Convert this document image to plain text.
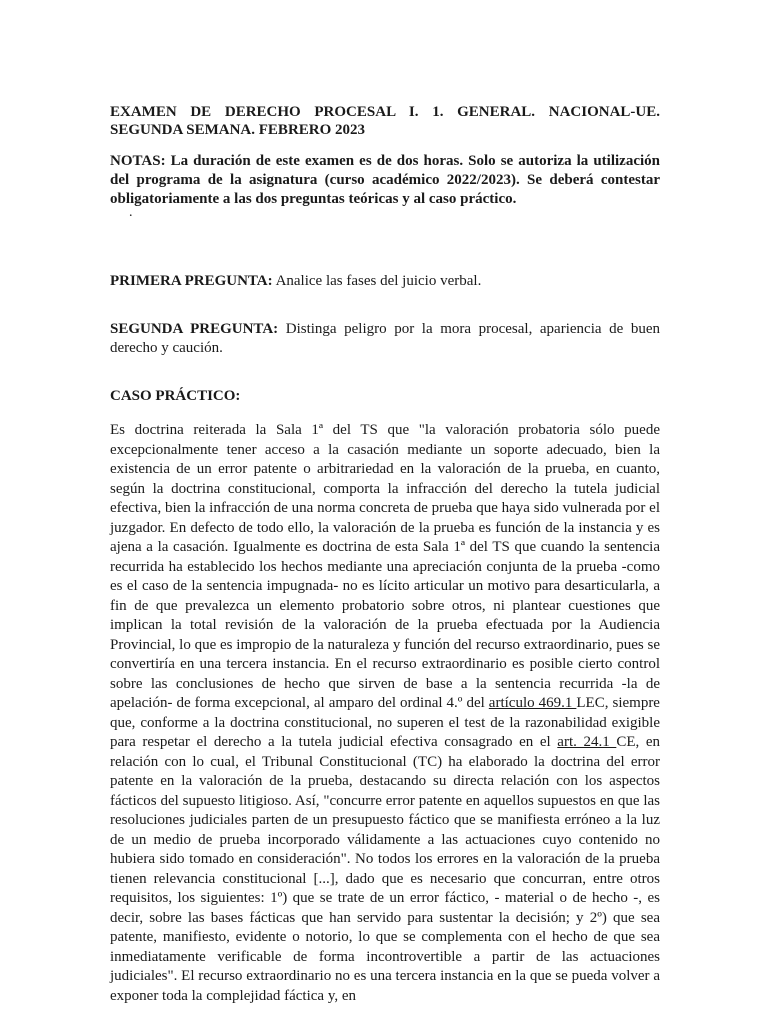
EXAMEN DE DERECHO PROCESAL I. 1. GENERAL. NACIONAL-UE. SEGUNDA SEMANA. FEBRERO 2023
NOTAS: La duración de este examen es de dos horas. Solo se autoriza la utilización del programa de la asignatura (curso académico 2022/2023). Se deberá contestar obligatoriamente a las dos preguntas teóricas y al caso práctico.
.
PRIMERA PREGUNTA: Analice las fases del juicio verbal.
SEGUNDA PREGUNTA: Distinga peligro por la mora procesal, apariencia de buen derecho y caución.
CASO PRÁCTICO:
Es doctrina reiterada la Sala 1ª del TS que "la valoración probatoria sólo puede excepcionalmente tener acceso a la casación mediante un soporte adecuado, bien la existencia de un error patente o arbitrariedad en la valoración de la prueba, en cuanto, según la doctrina constitucional, comporta la infracción del derecho la tutela judicial efectiva, bien la infracción de una norma concreta de prueba que haya sido vulnerada por el juzgador. En defecto de todo ello, la valoración de la prueba es función de la instancia y es ajena a la casación. Igualmente es doctrina de esta Sala 1ª del TS que cuando la sentencia recurrida ha establecido los hechos mediante una apreciación conjunta de la prueba -como es el caso de la sentencia impugnada- no es lícito articular un motivo para desarticularla, a fin de que prevalezca un elemento probatorio sobre otros, ni plantear cuestiones que implican la total revisión de la valoración de la prueba efectuada por la Audiencia Provincial, lo que es impropio de la naturaleza y función del recurso extraordinario, pues se convertiría en una tercera instancia. En el recurso extraordinario es posible cierto control sobre las conclusiones de hecho que sirven de base a la sentencia recurrida -la de apelación- de forma excepcional, al amparo del ordinal 4.º del artículo 469.1 LEC, siempre que, conforme a la doctrina constitucional, no superen el test de la razonabilidad exigible para respetar el derecho a la tutela judicial efectiva consagrado en el art. 24.1 CE, en relación con lo cual, el Tribunal Constitucional (TC) ha elaborado la doctrina del error patente en la valoración de la prueba, destacando su directa relación con los aspectos fácticos del supuesto litigioso. Así, "concurre error patente en aquellos supuestos en que las resoluciones judiciales parten de un presupuesto fáctico que se manifiesta erróneo a la luz de un medio de prueba incorporado válidamente a las actuaciones cuyo contenido no hubiera sido tomado en consideración". No todos los errores en la valoración de la prueba tienen relevancia constitucional [...], dado que es necesario que concurran, entre otros requisitos, los siguientes: 1º) que se trate de un error fáctico, - material o de hecho -, es decir, sobre las bases fácticas que han servido para sustentar la decisión; y 2º) que sea patente, manifiesto, evidente o notorio, lo que se complementa con el hecho de que sea inmediatamente verificable de forma incontrovertible a partir de las actuaciones judiciales". El recurso extraordinario no es una tercera instancia en la que se pueda volver a exponer toda la complejidad fáctica y, en
